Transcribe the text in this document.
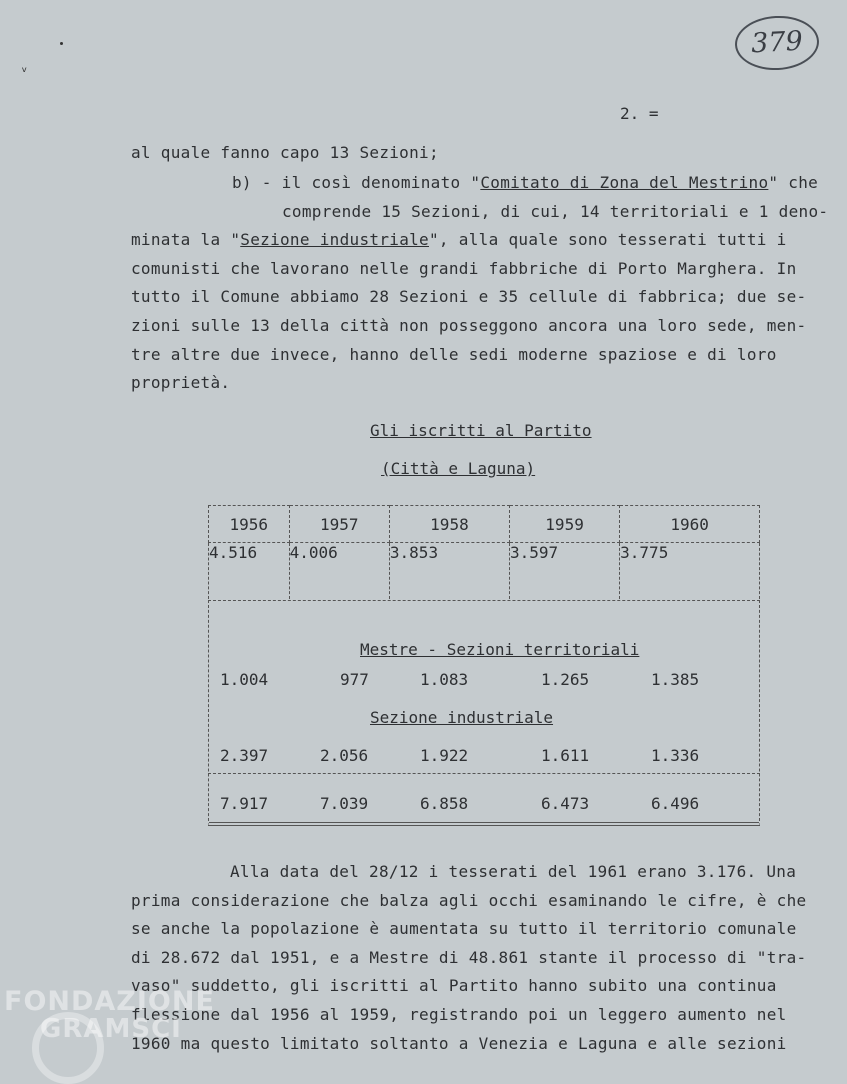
ᵥ
379
2. =
al quale fanno capo 13 Sezioni;
b) - il così denominato "Comitato di Zona del Mestrino" che
comprende 15 Sezioni, di cui, 14 territoriali e 1 deno-
minata la "Sezione industriale", alla quale sono tesserati tutti i
comunisti che lavorano nelle grandi fabbriche di Porto Marghera. In
tutto il Comune abbiamo 28 Sezioni e 35 cellule di fabbrica; due se-
zioni sulle 13 della città non posseggono ancora una loro sede, men-
tre altre due invece, hanno delle sedi moderne spaziose e di loro
proprietà.
Gli iscritti al Partito
(Città e Laguna)
1956	1957	1958	1959	1960
4.516	4.006	3.853	3.597	3.775
Mestre - Sezioni territoriali
1.004	977	1.083	1.265	1.385
Sezione industriale
2.397	2.056	1.922	1.611	1.336
7.917	7.039	6.858	6.473	6.496
Alla data del 28/12 i tesserati del 1961 erano 3.176. Una
prima considerazione che balza agli occhi esaminando le cifre, è che
se anche la popolazione è aumentata su tutto il territorio comunale
di 28.672 dal 1951, e a Mestre di 48.861 stante il processo di "tra-
vaso" suddetto, gli iscritti al Partito hanno subito una continua
flessione dal 1956 al 1959, registrando poi un leggero aumento nel
1960 ma questo limitato soltanto a Venezia e Laguna e alle sezioni
FONDAZIONE
GRAMSCI
